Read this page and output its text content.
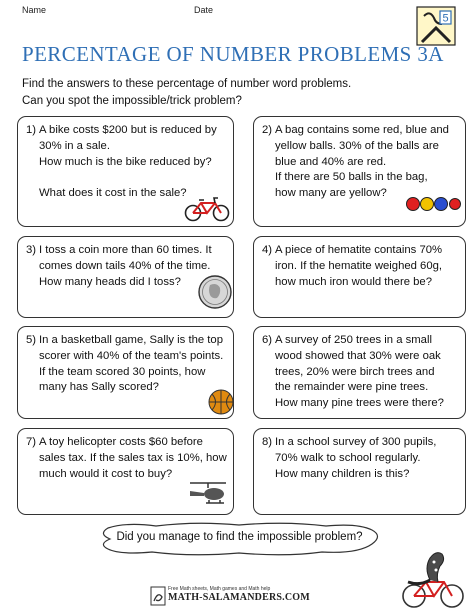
Name	Date
5
PERCENTAGE OF NUMBER PROBLEMS 3A
Find the answers to these percentage of number word problems.
Can you spot the impossible/trick problem?
1) A bike costs $200 but is reduced by
30% in a sale.
How much is the bike reduced by?

What does it cost in the sale?
2) A bag contains some red, blue and
yellow balls. 30% of the balls are
blue and 40% are red.
If there are 50 balls in the bag,
how many are yellow?
3) I toss a coin more than 60 times. It
comes down tails 40% of the time.
How many heads did I toss?
4) A piece of hematite contains 70%
iron. If the hematite weighed 60g,
how much iron would there be?
5) In a basketball game, Sally is the top
scorer with 40% of the team's points.
If the team scored 30 points, how
many has Sally scored?
6) A survey of 250 trees in a small
wood showed that 30% were oak
trees, 20% were birch trees and
the remainder were pine trees.
How many pine trees were there?
7) A toy helicopter costs $60 before
sales tax. If the sales tax is 10%, how
much would it cost to buy?
8) In a school survey of 300 pupils,
70% walk to school regularly.
How many children is this?
Did you manage to find the impossible problem?
Free Math sheets, Math games and Math help
MATH-SALAMANDERS.COM
